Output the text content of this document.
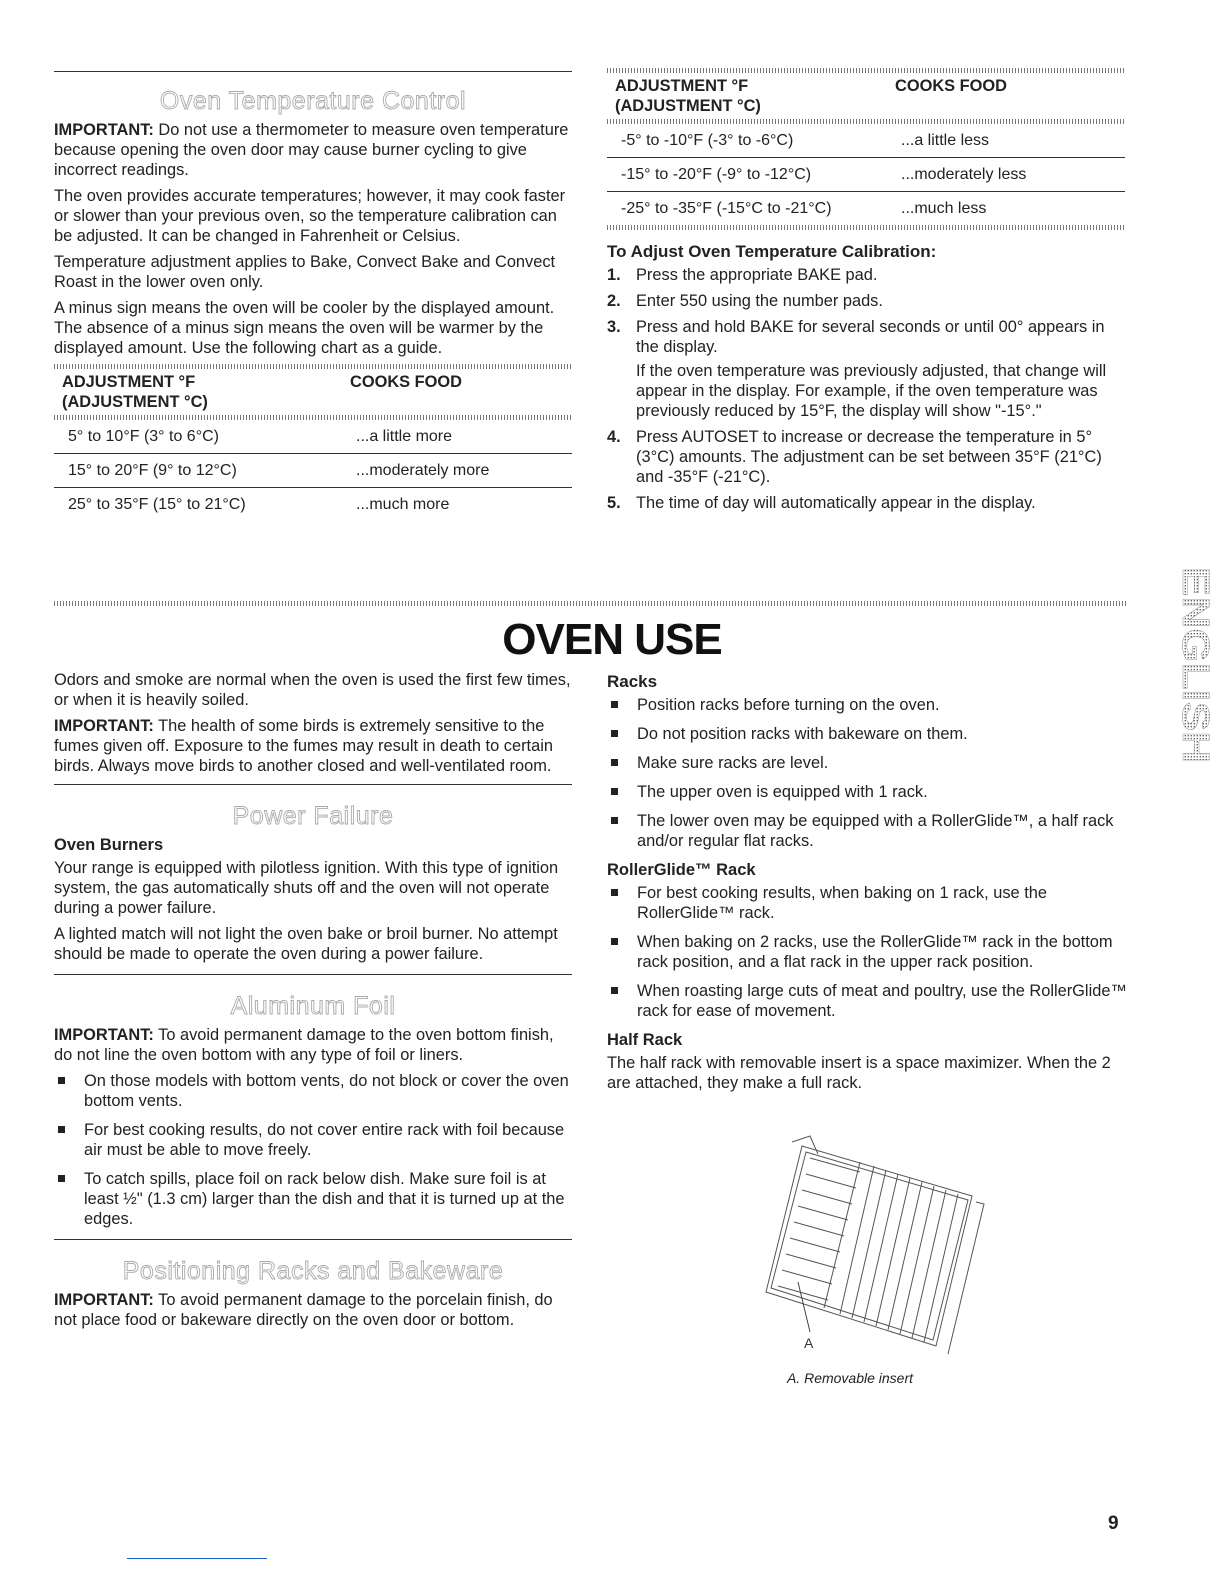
Oven Temperature Control

IMPORTANT: Do not use a thermometer to measure oven temperature because opening the oven door may cause burner cycling to give incorrect readings.

The oven provides accurate temperatures; however, it may cook faster or slower than your previous oven, so the temperature calibration can be adjusted. It can be changed in Fahrenheit or Celsius.

Temperature adjustment applies to Bake, Convect Bake and Convect Roast in the lower oven only.

A minus sign means the oven will be cooler by the displayed amount. The absence of a minus sign means the oven will be warmer by the displayed amount. Use the following chart as a guide.

ADJUSTMENT °F
(ADJUSTMENT °C)	COOKS FOOD

5° to 10°F (3° to 6°C)	...a little more
15° to 20°F (9° to 12°C)	...moderately more
25° to 35°F (15° to 21°C)	...much more
ADJUSTMENT °F
(ADJUSTMENT °C)	COOKS FOOD

-5° to -10°F (-3° to -6°C)	...a little less
-15° to -20°F (-9° to -12°C)	...moderately less
-25° to -35°F (-15°C to -21°C)	...much less
To Adjust Oven Temperature Calibration:
1. Press the appropriate BAKE pad.
2. Enter 550 using the number pads.
3. Press and hold BAKE for several seconds or until 00° appears in the display.

If the oven temperature was previously adjusted, that change will appear in the display. For example, if the oven temperature was previously reduced by 15°F, the display will show "-15°."

4. Press AUTOSET to increase or decrease the temperature in 5° (3°C) amounts. The adjustment can be set between 35°F (21°C) and -35°F (-21°C).
5. The time of day will automatically appear in the display.
OVEN USE

Odors and smoke are normal when the oven is used the first few times, or when it is heavily soiled.

IMPORTANT: The health of some birds is extremely sensitive to the fumes given off. Exposure to the fumes may result in death to certain birds. Always move birds to another closed and well-ventilated room.

Power Failure
Oven Burners

Your range is equipped with pilotless ignition. With this type of ignition system, the gas automatically shuts off and the oven will not operate during a power failure.

A lighted match will not light the oven bake or broil burner. No attempt should be made to operate the oven during a power failure.

Aluminum Foil

IMPORTANT: To avoid permanent damage to the oven bottom finish, do not line the oven bottom with any type of foil or liners.

On those models with bottom vents, do not block or cover the oven bottom vents.
For best cooking results, do not cover entire rack with foil because air must be able to move freely.
To catch spills, place foil on rack below dish. Make sure foil is at least ½" (1.3 cm) larger than the dish and that it is turned up at the edges.
Positioning Racks and Bakeware

IMPORTANT: To avoid permanent damage to the porcelain finish, do not place food or bakeware directly on the oven door or bottom.

Racks
Position racks before turning on the oven.
Do not position racks with bakeware on them.
Make sure racks are level.
The upper oven is equipped with 1 rack.
The lower oven may be equipped with a RollerGlide™, a half rack and/or regular flat racks.
RollerGlide™ Rack
For best cooking results, when baking on 1 rack, use the RollerGlide™ rack.
When baking on 2 racks, use the RollerGlide™ rack in the bottom rack position, and a flat rack in the upper rack position.
When roasting large cuts of meat and poultry, use the RollerGlide™ rack for ease of movement.
Half Rack

The half rack with removable insert is a space maximizer. When the 2 are attached, they make a full rack.

A
A. Removable insert
ENGLISH
9
